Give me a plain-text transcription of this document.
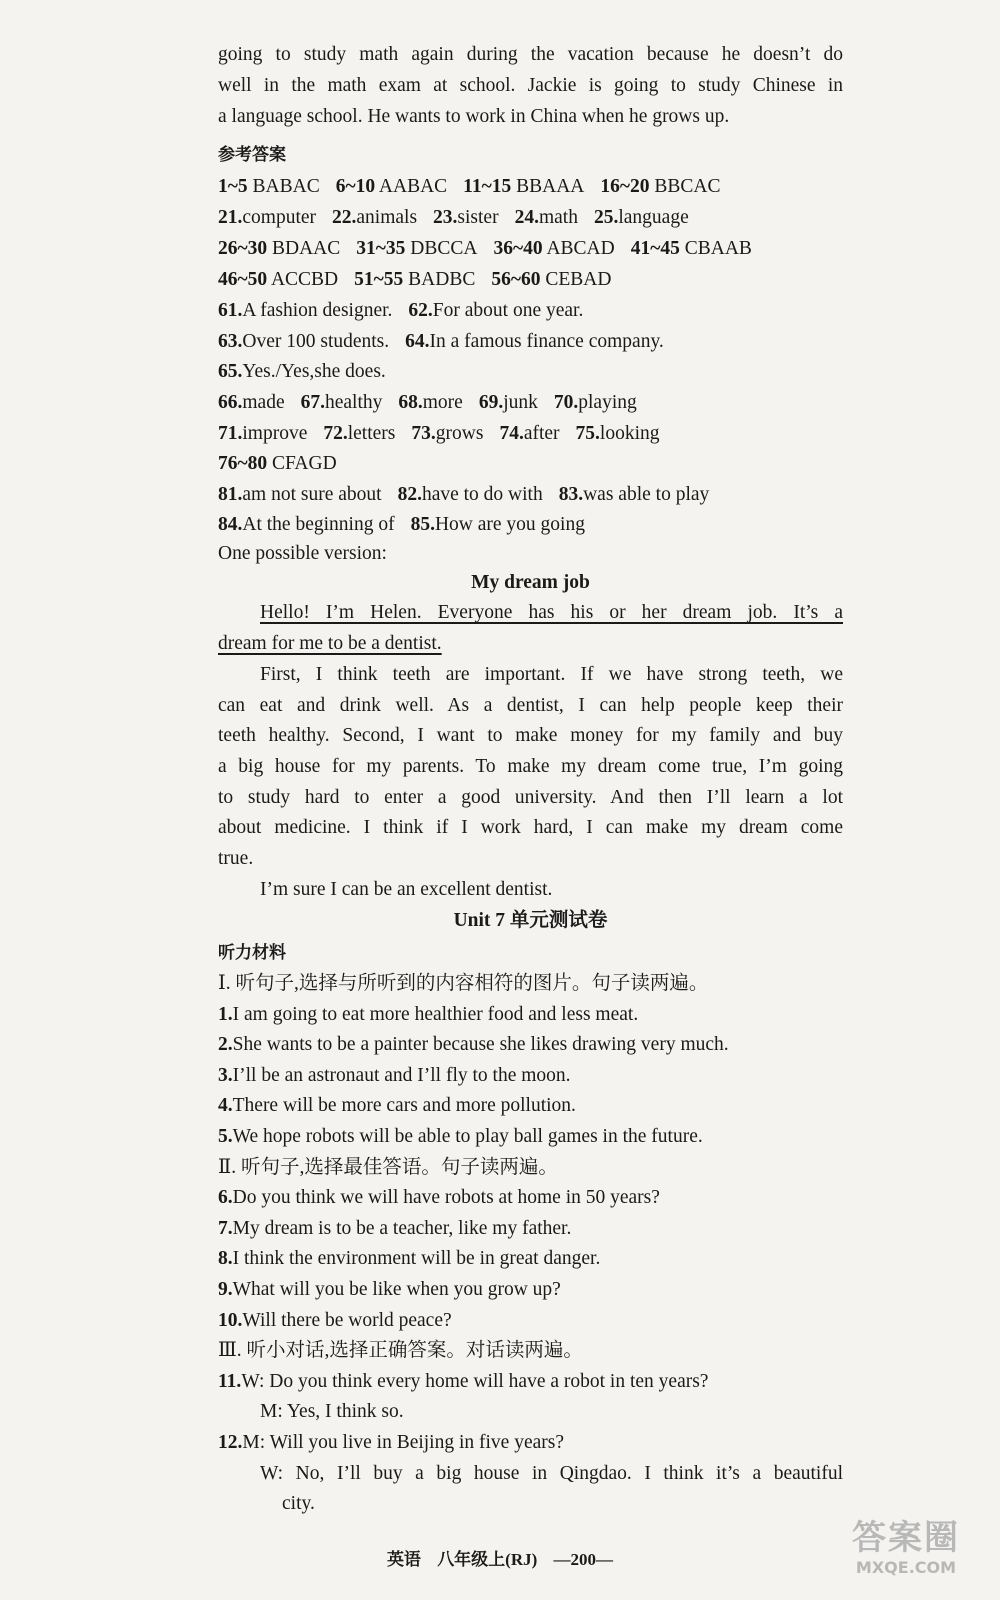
going to study math again during the vacation because he doesn’t do
well in the math exam at school. Jackie is going to study Chinese in
a language school. He wants to work in China when he grows up.
参考答案
1~5 BABAC 6~10 AABAC 11~15 BBAAA 16~20 BBCAC
21.computer 22.animals 23.sister 24.math 25.language
26~30 BDAAC 31~35 DBCCA 36~40 ABCAD 41~45 CBAAB
46~50 ACCBD 51~55 BADBC 56~60 CEBAD
61.A fashion designer. 62.For about one year.
63.Over 100 students. 64.In a famous finance company.
65.Yes./Yes,she does.
66.made 67.healthy 68.more 69.junk 70.playing
71.improve 72.letters 73.grows 74.after 75.looking
76~80 CFAGD
81.am not sure about 82.have to do with 83.was able to play
84.At the beginning of 85.How are you going
One possible version:
My dream job
Hello! I’m Helen. Everyone has his or her dream job. It’s a
dream for me to be a dentist.
First, I think teeth are important. If we have strong teeth, we
can eat and drink well. As a dentist, I can help people keep their
teeth healthy. Second, I want to make money for my family and buy
a big house for my parents. To make my dream come true, I’m going
to study hard to enter a good university. And then I’ll learn a lot
about medicine. I think if I work hard, I can make my dream come
true.
I’m sure I can be an excellent dentist.
Unit 7 单元测试卷
听力材料
Ⅰ. 听句子,选择与所听到的内容相符的图片。句子读两遍。
1.I am going to eat more healthier food and less meat.
2.She wants to be a painter because she likes drawing very much.
3.I’ll be an astronaut and I’ll fly to the moon.
4.There will be more cars and more pollution.
5.We hope robots will be able to play ball games in the future.
Ⅱ. 听句子,选择最佳答语。句子读两遍。
6.Do you think we will have robots at home in 50 years?
7.My dream is to be a teacher, like my father.
8.I think the environment will be in great danger.
9.What will you be like when you grow up?
10.Will there be world peace?
Ⅲ. 听小对话,选择正确答案。对话读两遍。
11.W: Do you think every home will have a robot in ten years?
M: Yes, I think so.
12.M: Will you live in Beijing in five years?
W: No, I’ll buy a big house in Qingdao. I think it’s a beautiful
city.
英语 八年级上(RJ) —200—
答案圈
MXQE.COM
